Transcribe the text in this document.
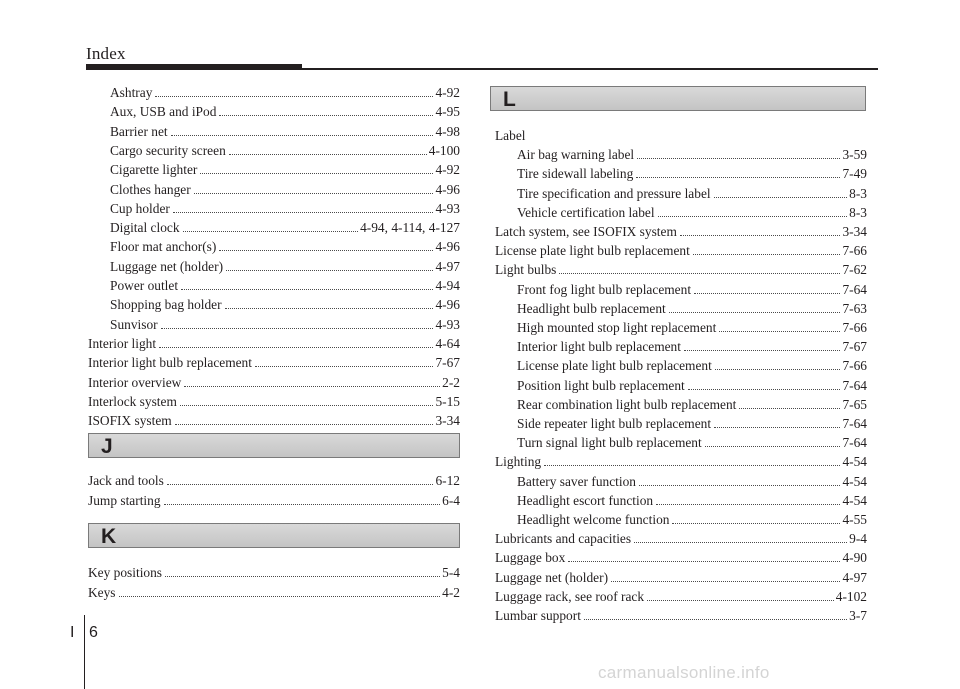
Index
J
K
Ashtray	4-92
Aux, USB and iPod	4-95
Barrier net	4-98
Cargo security screen	4-100
Cigarette lighter	4-92
Clothes hanger	4-96
Cup holder	4-93
Digital clock	4-94, 4-114, 4-127
Floor mat anchor(s)	4-96
Luggage net (holder)	4-97
Power outlet	4-94
Shopping bag holder	4-96
Sunvisor	4-93
Interior light	4-64
Interior light bulb replacement	7-67
Interior overview	2-2
Interlock system	5-15
ISOFIX system	3-34
Jack and tools	6-12
Jump starting	6-4
Key positions	5-4
Keys	4-2
L
Label
Air bag warning label	3-59
Tire sidewall labeling	7-49
Tire specification and pressure label	8-3
Vehicle certification label	8-3
Latch system, see ISOFIX system	3-34
License plate light bulb replacement	7-66
Light bulbs	7-62
Front fog light bulb replacement	7-64
Headlight bulb replacement	7-63
High mounted stop light replacement	7-66
Interior light bulb replacement	7-67
License plate light bulb replacement	7-66
Position light bulb replacement	7-64
Rear combination light bulb replacement	7-65
Side repeater light bulb replacement	7-64
Turn signal light bulb replacement	7-64
Lighting	4-54
Battery saver function	4-54
Headlight escort function	4-54
Headlight welcome function	4-55
Lubricants and capacities	9-4
Luggage box	4-90
Luggage net (holder)	4-97
Luggage rack, see roof rack	4-102
Lumbar support	3-7
I 6
carmanualsonline.info
